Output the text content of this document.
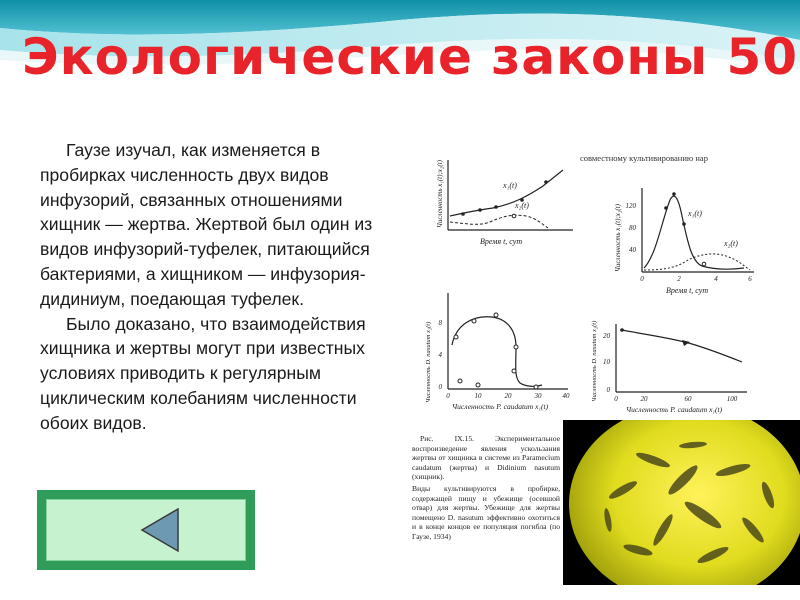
Экологические законы 50

Гаузе изучал, как изменяется в пробирках численность двух видов инфузорий, связанных отношениями хищник — жертва. Жертвой был один из видов инфузорий-туфелек, питающийся бактериями, а хищником — инфузория-дидиниум, поедающая туфелек.

Было доказано, что взаимодействия хищника и жертвы могут при известных условиях приводить к регулярным циклическим колебаниям численности обоих видов.

совместному культивированию нар
x₁(t)
x₂(t)
Время t, сут
Численность x₁(t);x₂(t)	120
80
40
0	2	4	6
x₁(t)
x₂(t)
Время t, сут
Численность x₁(t);x₂(t)
8
4
0
0	10	20	30	40
Численность P. caudatum x₁(t)
Численность D. nasutum x₂(t)	20
10
0
0	20	60	100
Численность P. caudatum x₁(t)
Численность D. nasutum x₂(t)

Рис. IX.15. Экспериментальное воспроизведение явления ускользания жертвы от хищника в системе из Paramecium caudatum (жертва) и Didinium nasutum (хищник).

Виды культивируются в пробирке, содержащей пищу и убежище (осевшой отвар) для жертвы. Убежище для жертвы помещено D. nasutum эффективно охотиться и в конце концов ее популяция погибла (по Гаузе, 1934)
